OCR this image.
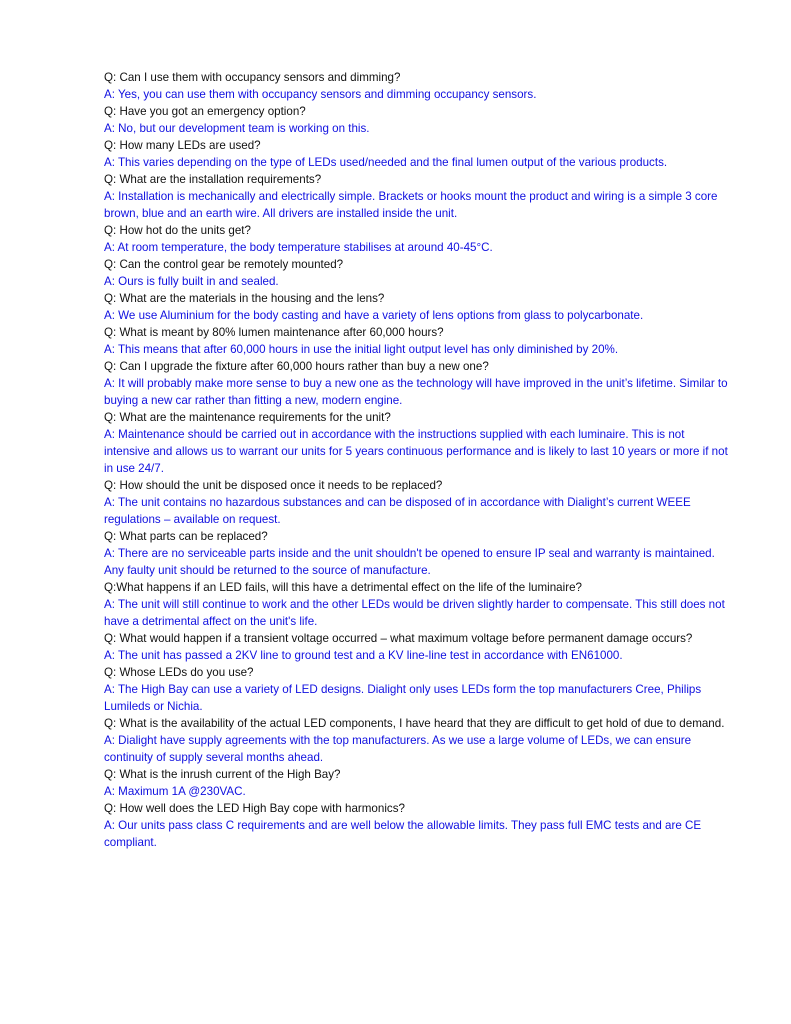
Q: Can I use them with occupancy sensors and dimming?

A: Yes, you can use them with occupancy sensors and dimming occupancy sensors.

Q: Have you got an emergency option?

A: No, but our development team is working on this.

Q: How many LEDs are used?

A: This varies depending on the type of LEDs used/needed and the final lumen output of the various products.

Q: What are the installation requirements?

A: Installation is mechanically and electrically simple. Brackets or hooks mount the product and wiring is a simple 3 core brown, blue and an earth wire. All drivers are installed inside the unit.

Q: How hot do the units get?

A: At room temperature, the body temperature stabilises at around 40-45°C.

Q: Can the control gear be remotely mounted?

A: Ours is fully built in and sealed.

Q: What are the materials in the housing and the lens?

A: We use Aluminium for the body casting and have a variety of lens options from glass to polycarbonate.

Q: What is meant by 80% lumen maintenance after 60,000 hours?

A: This means that after 60,000 hours in use the initial light output level has only diminished by 20%.

Q: Can I upgrade the fixture after 60,000 hours rather than buy a new one?

A: It will probably make more sense to buy a new one as the technology will have improved in the unit’s lifetime. Similar to buying a new car rather than fitting a new, modern engine.

Q: What are the maintenance requirements for the unit?

A: Maintenance should be carried out in accordance with the instructions supplied with each luminaire. This is not intensive and allows us to warrant our units for 5 years continuous performance and is likely to last 10 years or more if not in use 24/7.

Q: How should the unit be disposed once it needs to be replaced?

A: The unit contains no hazardous substances and can be disposed of in accordance with Dialight’s current WEEE regulations – available on request.

Q: What parts can be replaced?

A: There are no serviceable parts inside and the unit shouldn't be opened to ensure IP seal and warranty is maintained. Any faulty unit should be returned to the source of manufacture.

Q:What happens if an LED fails, will this have a detrimental effect on the life of the luminaire?

A: The unit will still continue to work and the other LEDs would be driven slightly harder to compensate. This still does not have a detrimental affect on the unit's life.

Q: What would happen if a transient voltage occurred – what maximum voltage before permanent damage occurs?

A: The unit has passed a 2KV line to ground test and a KV line-line test in accordance with EN61000.

Q: Whose LEDs do you use?

A: The High Bay can use a variety of LED designs. Dialight only uses LEDs form the top manufacturers Cree, Philips Lumileds or Nichia.

Q: What is the availability of the actual LED components, I have heard that they are difficult to get hold of due to demand.

A: Dialight have supply agreements with the top manufacturers. As we use a large volume of LEDs, we can ensure continuity of supply several months ahead.

Q: What is the inrush current of the High Bay?

A: Maximum 1A @230VAC.

Q: How well does the LED High Bay cope with harmonics?

A: Our units pass class C requirements and are well below the allowable limits. They pass full EMC tests and are CE compliant.
